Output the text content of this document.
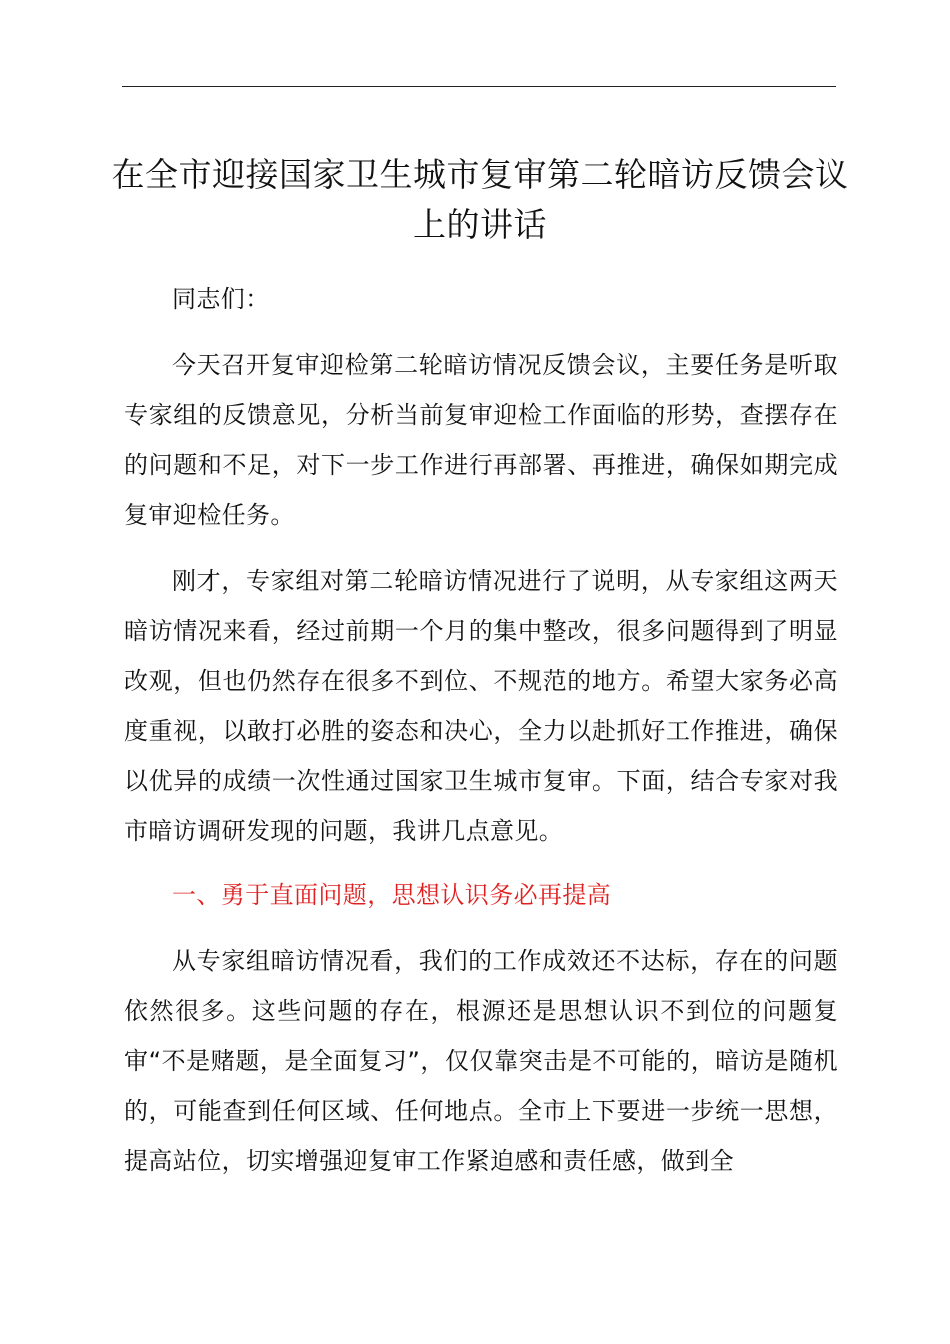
在全市迎接国家卫生城市复审第二轮暗访反馈会议上的讲话

同志们：

今天召开复审迎检第二轮暗访情况反馈会议，主要任务是听取专家组的反馈意见，分析当前复审迎检工作面临的形势，查摆存在的问题和不足，对下一步工作进行再部署、再推进，确保如期完成复审迎检任务。

刚才，专家组对第二轮暗访情况进行了说明，从专家组这两天暗访情况来看，经过前期一个月的集中整改，很多问题得到了明显改观，但也仍然存在很多不到位、不规范的地方。希望大家务必高度重视，以敢打必胜的姿态和决心，全力以赴抓好工作推进，确保以优异的成绩一次性通过国家卫生城市复审。下面，结合专家对我市暗访调研发现的问题，我讲几点意见。

一、勇于直面问题，思想认识务必再提高

从专家组暗访情况看，我们的工作成效还不达标，存在的问题依然很多。这些问题的存在，根源还是思想认识不到位的问题复审“不是赌题，是全面复习”，仅仅靠突击是不可能的，暗访是随机的，可能查到任何区域、任何地点。全市上下要进一步统一思想，提高站位，切实增强迎复审工作紧迫感和责任感，做到全
